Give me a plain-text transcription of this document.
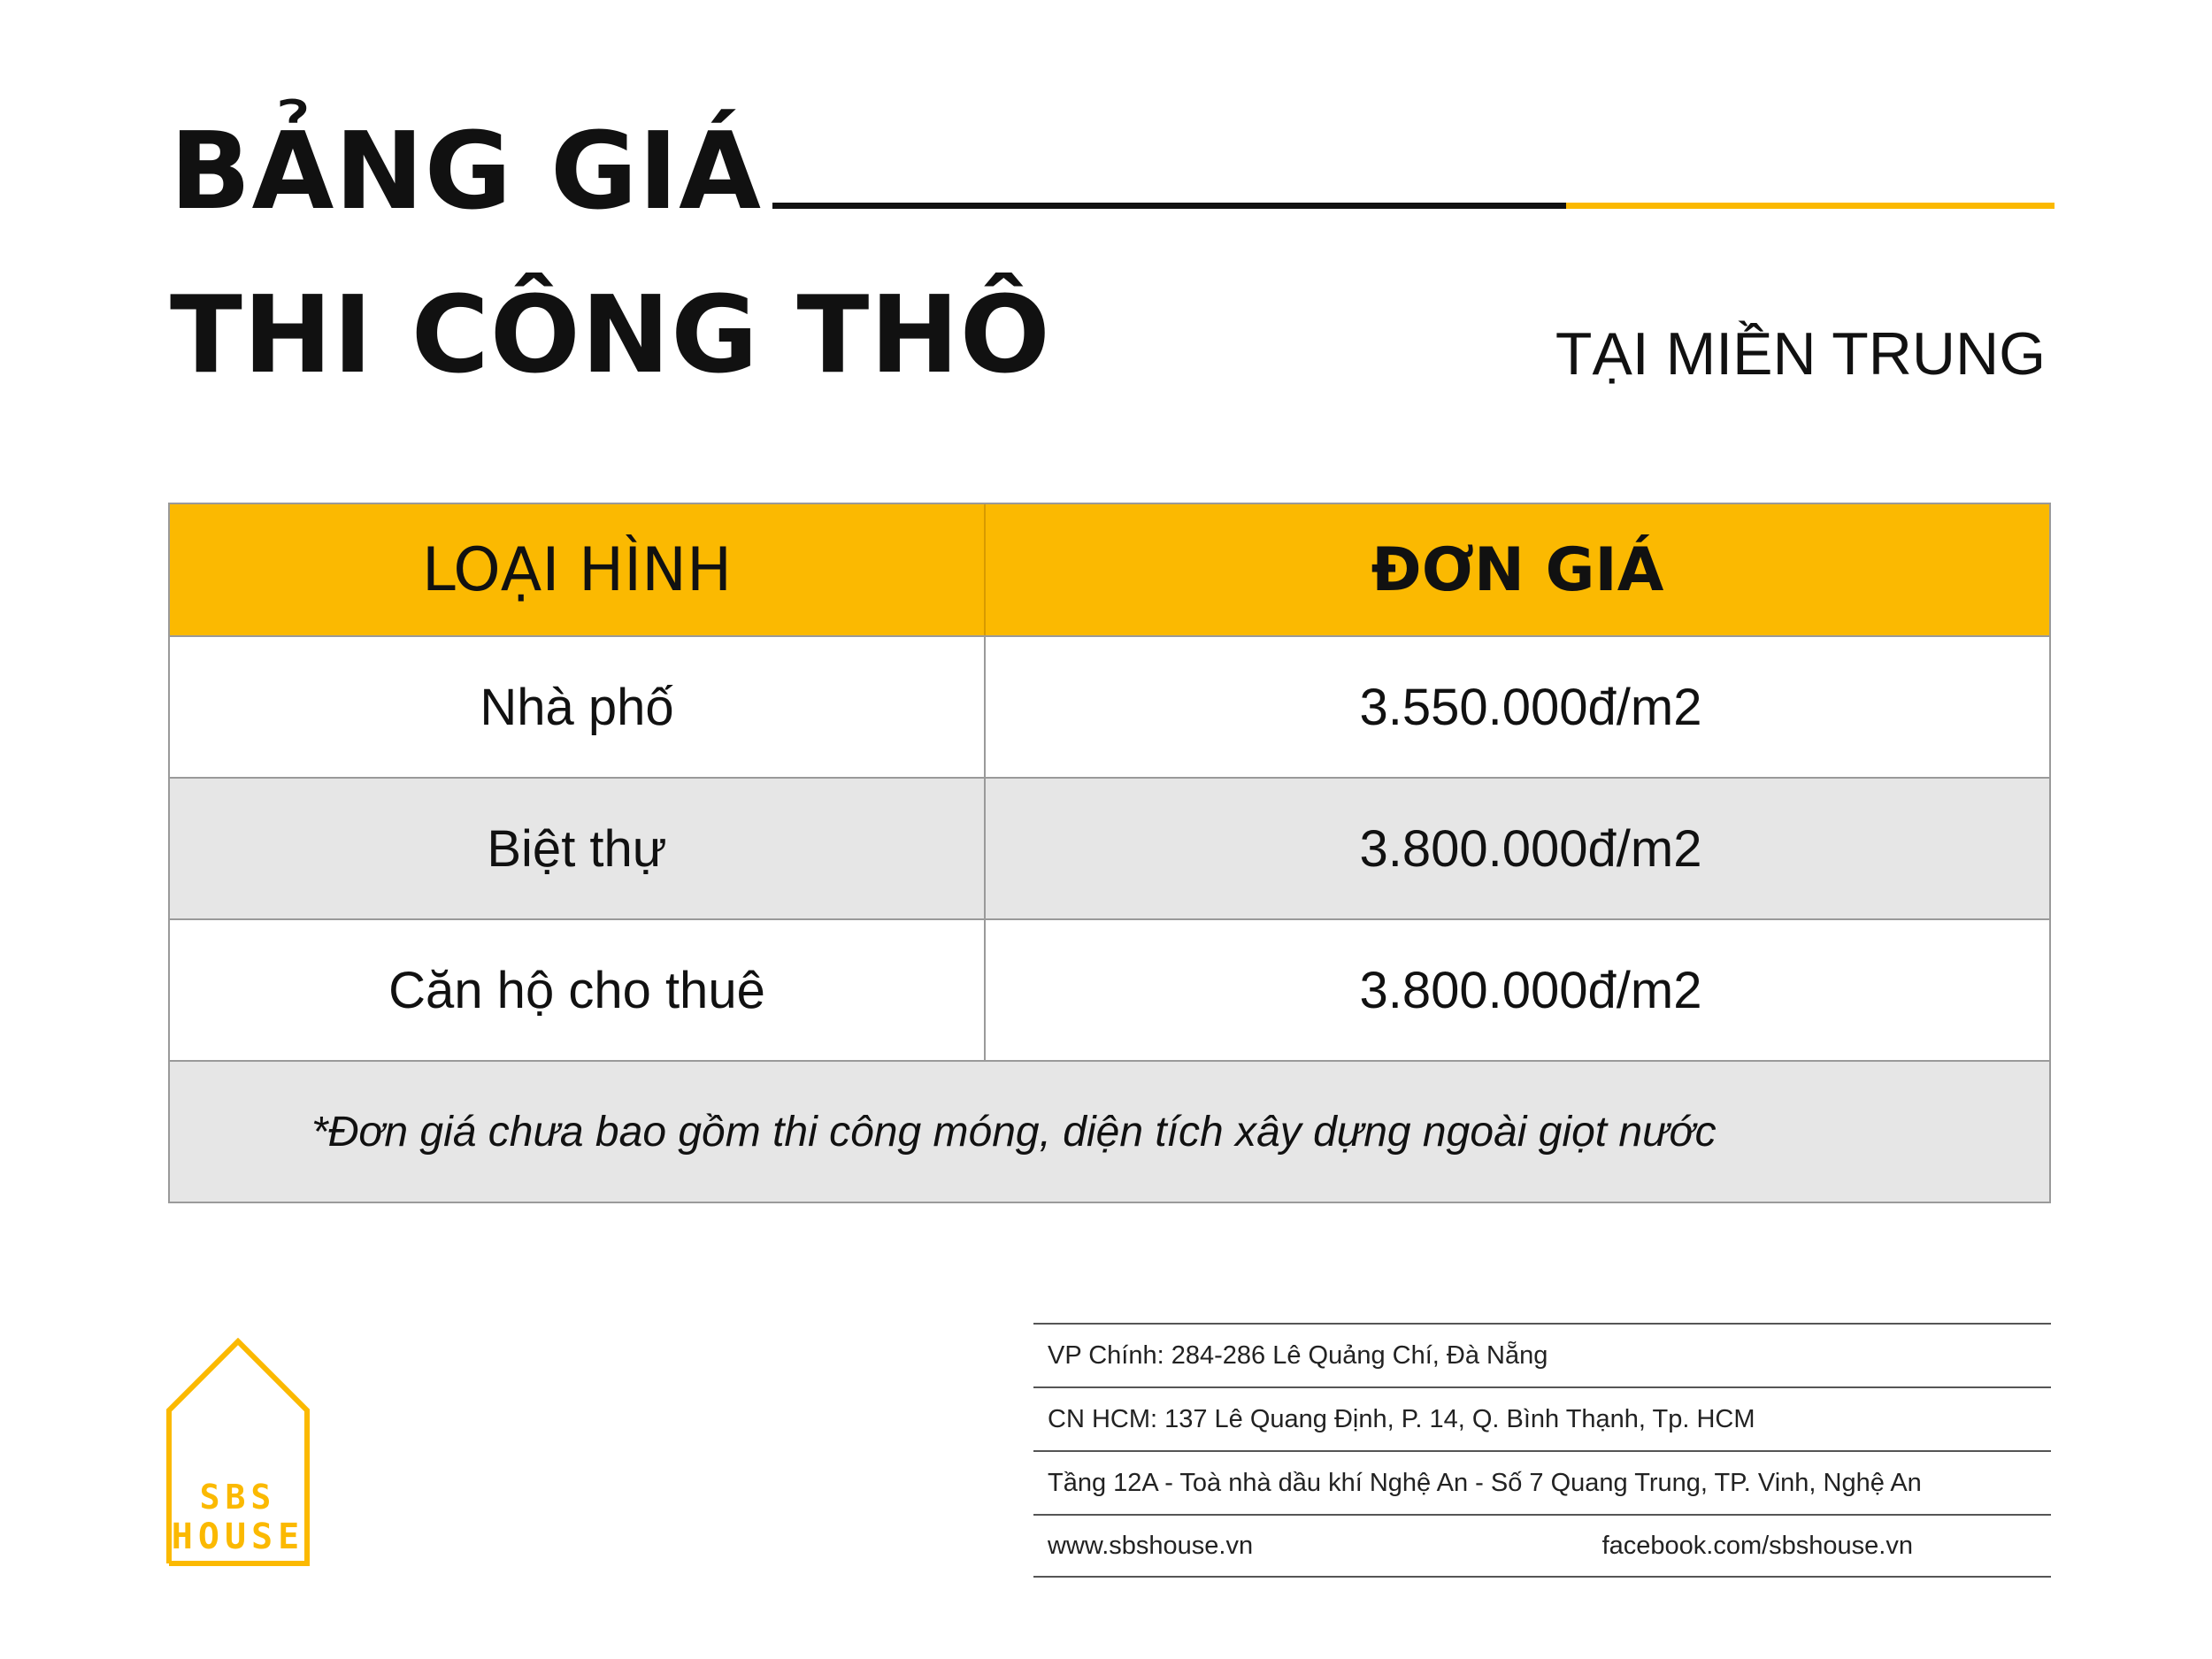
BẢNG GIÁ
THI CÔNG THÔ	TẠI MIỀN TRUNG
LOẠI HÌNH	ĐƠN GIÁ
Nhà phố	3.550.000đ/m2
Biệt thự	3.800.000đ/m2
Căn hộ cho thuê	3.800.000đ/m2
*Đơn giá chưa bao gồm thi công móng, diện tích xây dựng ngoài giọt nước
SBS
HOUSE
VP Chính: 284-286 Lê Quảng Chí, Đà Nẵng
CN HCM: 137 Lê Quang Định, P. 14, Q. Bình Thạnh, Tp. HCM
Tầng 12A - Toà nhà dầu khí Nghệ An - Số 7 Quang Trung, TP. Vinh, Nghệ An
www.sbshouse.vn	facebook.com/sbshouse.vn
